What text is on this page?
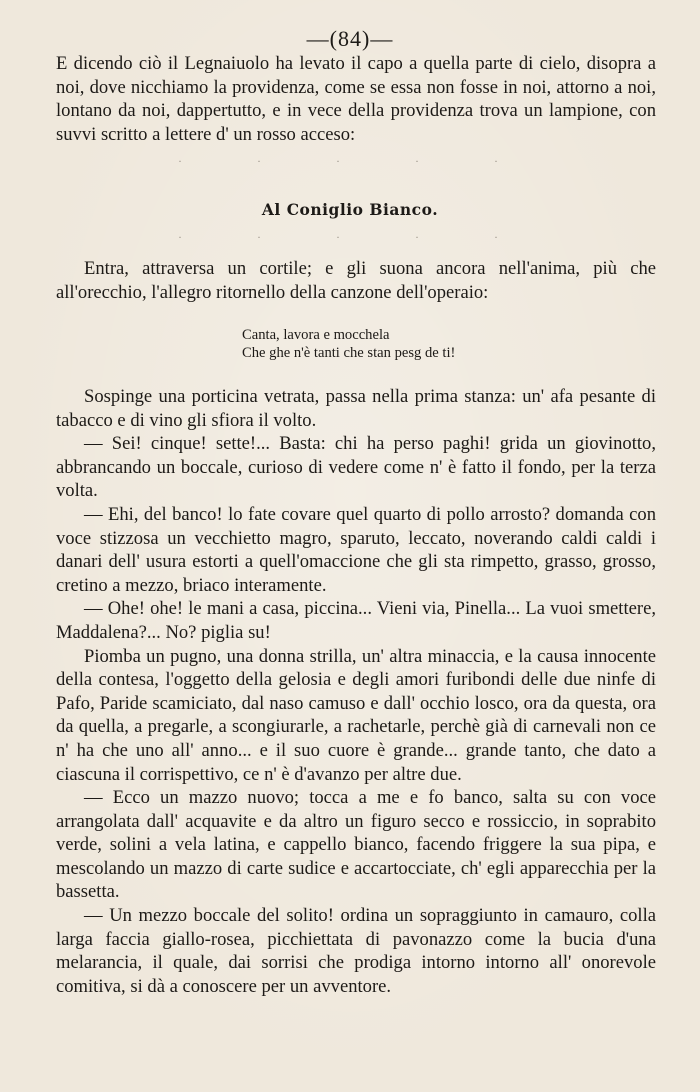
—(84)—

E dicendo ciò il Legnaiuolo ha levato il capo a quella parte di cielo, disopra a noi, dove nicchiamo la providenza, come se essa non fosse in noi, attorno a noi, lontano da noi, dappertutto, e in vece della providenza trova un lampione, con suvvi scritto a lettere d' un rosso acceso:

· · · · ·
Al Coniglio Bianco.
· · · · ·

Entra, attraversa un cortile; e gli suona ancora nell'anima, più che all'orecchio, l'allegro ritornello della canzone dell'operaio:

Canta, lavora e mocchela
Che ghe n'è tanti che stan pesg de ti!

Sospinge una porticina vetrata, passa nella prima stanza: un' afa pesante di tabacco e di vino gli sfiora il volto.

— Sei! cinque! sette!... Basta: chi ha perso paghi! grida un giovinotto, abbrancando un boccale, curioso di vedere come n' è fatto il fondo, per la terza volta.

— Ehi, del banco! lo fate covare quel quarto di pollo arrosto? domanda con voce stizzosa un vecchietto magro, sparuto, leccato, noverando caldi caldi i danari dell' usura estorti a quell'omaccione che gli sta rimpetto, grasso, grosso, cretino a mezzo, briaco interamente.

— Ohe! ohe! le mani a casa, piccina... Vieni via, Pinella... La vuoi smettere, Maddalena?... No? piglia su!

Piomba un pugno, una donna strilla, un' altra minaccia, e la causa innocente della contesa, l'oggetto della gelosia e degli amori furibondi delle due ninfe di Pafo, Paride scamiciato, dal naso camuso e dall' occhio losco, ora da questa, ora da quella, a pregarle, a scongiurarle, a rachetarle, perchè già di carnevali non ce n' ha che uno all' anno... e il suo cuore è grande... grande tanto, che dato a ciascuna il corrispettivo, ce n' è d'avanzo per altre due.

— Ecco un mazzo nuovo; tocca a me e fo banco, salta su con voce arrangolata dall' acquavite e da altro un figuro secco e rossiccio, in soprabito verde, solini a vela latina, e cappello bianco, facendo friggere la sua pipa, e mescolando un mazzo di carte sudice e accartocciate, ch' egli apparecchia per la bassetta.

— Un mezzo boccale del solito! ordina un sopraggiunto in camauro, colla larga faccia giallo-rosea, picchiettata di pavonazzo come la bucia d'una melarancia, il quale, dai sorrisi che prodiga intorno intorno all' onorevole comitiva, si dà a conoscere per un avventore.
